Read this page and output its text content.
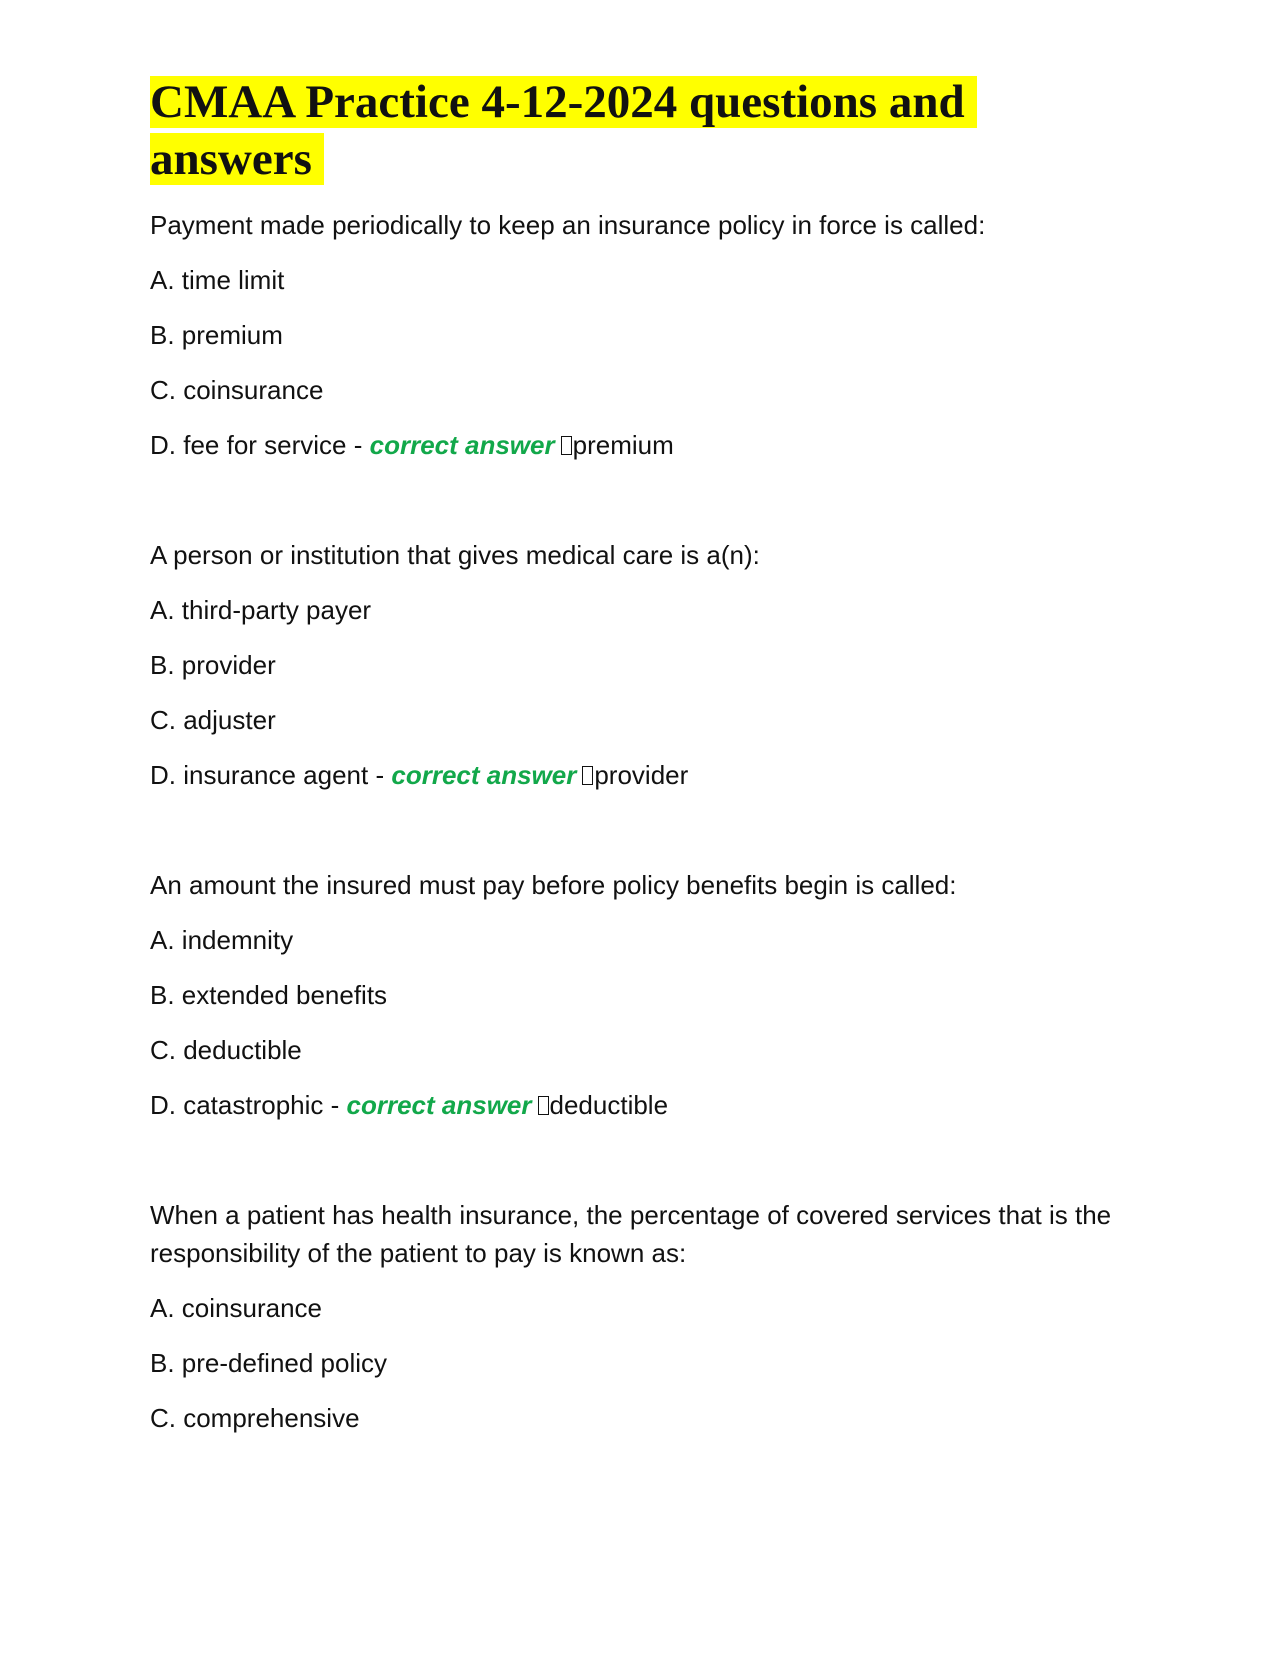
CMAA Practice 4-12-2024 questions and
answers

Payment made periodically to keep an insurance policy in force is called:

A. time limit

B. premium

C. coinsurance

D. fee for service - correct answer premium

A person or institution that gives medical care is a(n):

A. third-party payer

B. provider

C. adjuster

D. insurance agent - correct answer provider

An amount the insured must pay before policy benefits begin is called:

A. indemnity

B. extended benefits

C. deductible

D. catastrophic - correct answer deductible

When a patient has health insurance, the percentage of covered services that is the responsibility of the patient to pay is known as:

A. coinsurance

B. pre-defined policy

C. comprehensive
